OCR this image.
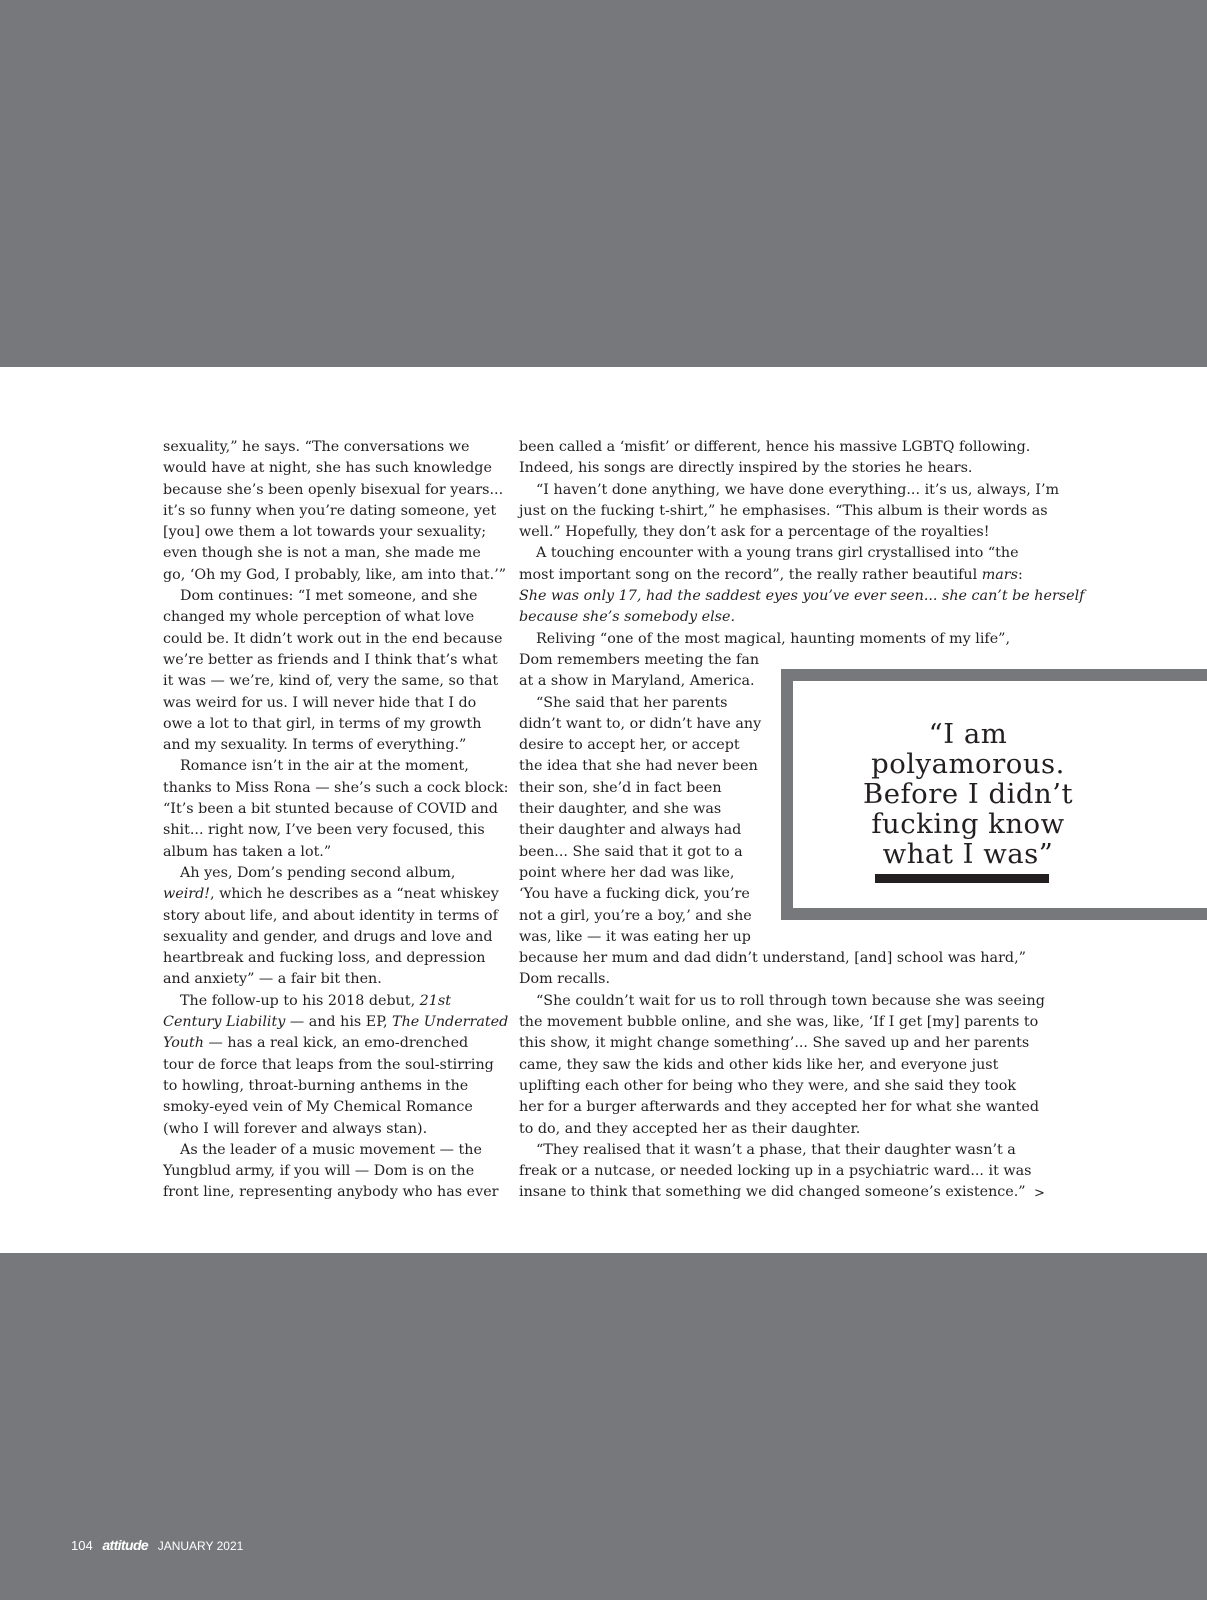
sexuality,” he says. “The conversations we

would have at night, she has such knowledge

because she’s been openly bisexual for years...

it’s so funny when you’re dating someone, yet

[you] owe them a lot towards your sexuality;

even though she is not a man, she made me

go, ‘Oh my God, I probably, like, am into that.’”

Dom continues: “I met someone, and she

changed my whole perception of what love

could be. It didn’t work out in the end because

we’re better as friends and I think that’s what

it was — we’re, kind of, very the same, so that

was weird for us. I will never hide that I do

owe a lot to that girl, in terms of my growth

and my sexuality. In terms of everything.”

Romance isn’t in the air at the moment,

thanks to Miss Rona — she’s such a cock block:

“It’s been a bit stunted because of COVID and

shit... right now, I’ve been very focused, this

album has taken a lot.”

Ah yes, Dom’s pending second album,

weird!, which he describes as a “neat whiskey

story about life, and about identity in terms of

sexuality and gender, and drugs and love and

heartbreak and fucking loss, and depression

and anxiety” — a fair bit then.

The follow-up to his 2018 debut, 21st

Century Liability — and his EP, The Underrated

Youth — has a real kick, an emo-drenched

tour de force that leaps from the soul-stirring

to howling, throat-burning anthems in the

smoky-eyed vein of My Chemical Romance

(who I will forever and always stan).

As the leader of a music movement — the

Yungblud army, if you will — Dom is on the

front line, representing anybody who has ever

been called a ‘misfit’ or different, hence his massive LGBTQ following.

Indeed, his songs are directly inspired by the stories he hears.

“I haven’t done anything, we have done everything... it’s us, always, I’m

just on the fucking t-shirt,” he emphasises. “This album is their words as

well.” Hopefully, they don’t ask for a percentage of the royalties!

A touching encounter with a young trans girl crystallised into “the

most important song on the record”, the really rather beautiful mars:

She was only 17, had the saddest eyes you’ve ever seen... she can’t be herself

because she’s somebody else.

Reliving “one of the most magical, haunting moments of my life”,

Dom remembers meeting the fan

at a show in Maryland, America.

“She said that her parents

didn’t want to, or didn’t have any

desire to accept her, or accept

the idea that she had never been

their son, she’d in fact been

their daughter, and she was

their daughter and always had

been... She said that it got to a

point where her dad was like,

‘You have a fucking dick, you’re

not a girl, you’re a boy,’ and she

was, like — it was eating her up

because her mum and dad didn’t understand, [and] school was hard,”

Dom recalls.

“She couldn’t wait for us to roll through town because she was seeing

the movement bubble online, and she was, like, ‘If I get [my] parents to

this show, it might change something’... She saved up and her parents

came, they saw the kids and other kids like her, and everyone just

uplifting each other for being who they were, and she said they took

her for a burger afterwards and they accepted her for what she wanted

to do, and they accepted her as their daughter.

“They realised that it wasn’t a phase, that their daughter wasn’t a

freak or a nutcase, or needed locking up in a psychiatric ward... it was

insane to think that something we did changed someone’s existence.” >
“I am
polyamorous.
Before I didn’t
fucking know
what I was”
104 attitude JANUARY 2021
